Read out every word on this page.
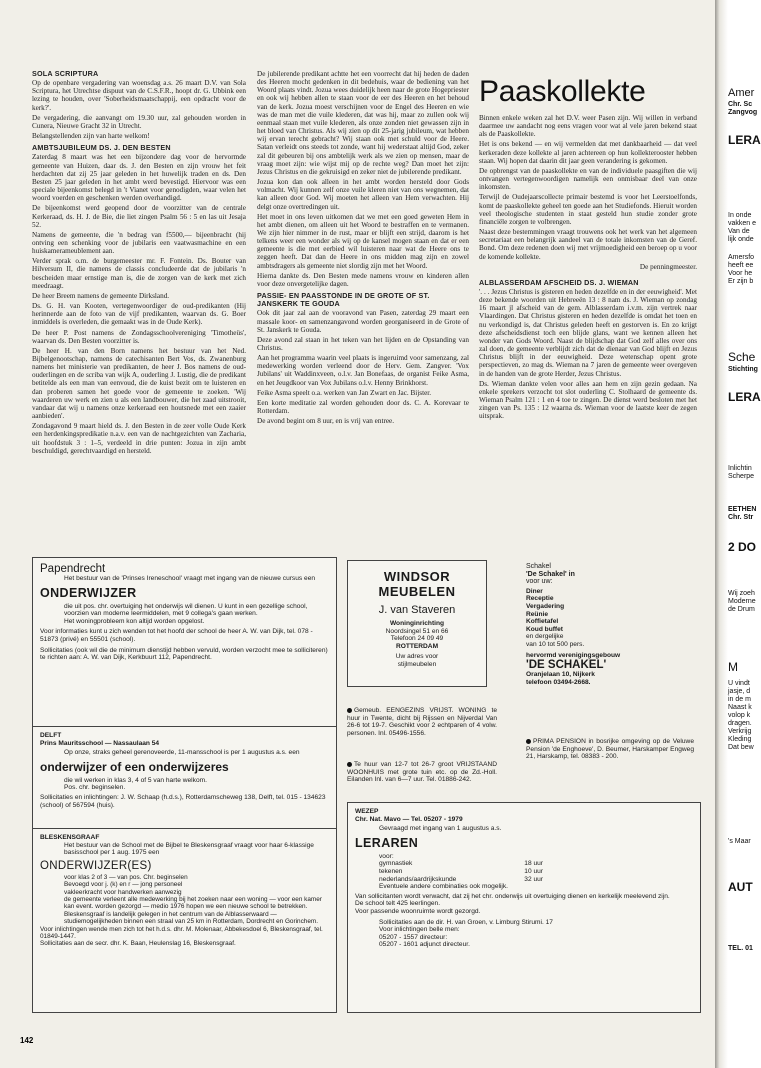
SOLA SCRIPTURA

Op de openbare vergadering van woensdag a.s. 26 maart D.V. van Sola Scriptura, het Utrechtse dispuut van de C.S.F.R., hoopt dr. G. Ubbink een lezing te houden, over 'Soberheidsmaatschappij, een opdracht voor de kerk?'.

De vergadering, die aanvangt om 19.30 uur, zal gehouden worden in Cunera, Nieuwe Gracht 32 in Utrecht.

Belangstellenden zijn van harte welkom!

AMBTSJUBILEUM DS. J. DEN BESTEN

Zaterdag 8 maart was het een bijzondere dag voor de hervormde gemeente van Huizen, daar ds. J. den Besten en zijn vrouw het feit herdachten dat zij 25 jaar geleden in het huwelijk traden en ds. Den Besten 25 jaar geleden in het ambt werd bevestigd. Hiervoor was een speciale bijeenkomst belegd in 't Vianet voor genodigden, waar velen het woord voerden en geschenken werden overhandigd.

De bijeenkomst werd geopend door de voorzitter van de centrale Kerkeraad, ds. H. J. de Bie, die liet zingen Psalm 56 : 5 en las uit Jesaja 52.

Namens de gemeente, die 'n bedrag van f5500,— bijeenbracht (hij ontving een schenking voor de jubilaris een vaatwasmachine en een huiskamerameublement aan.

Verder sprak o.m. de burgemeester mr. F. Fontein. Ds. Bouter van Hilversum II, die namens de classis concludeerde dat de jubilaris 'n bescheiden maar ernstige man is, die de zorgen van de kerk met zich meedraagt.

De heer Breem namens de gemeente Dirksland.

Ds. G. H. van Kooten, vertegenwoordiger de oud-predikanten (Hij herinnerde aan de foto van de vijf predikanten, waarvan ds. G. Boer inmiddels is overleden, die gemaakt was in de Oude Kerk).

De heer P. Post namens de Zondagsschoolvereniging 'Timotheüs', waarvan ds. Den Besten voorzitter is.

De heer H. van den Born namens het bestuur van het Ned. Bijbelgenootschap, namens de catechisanten Bert Vos, ds. Zwanenburg namens het ministerie van predikanten, de heer J. Bos namens de oud-ouderlingen en de scriba van wijk A, ouderling J. Lustig, die de predikant betitelde als een man van eenvoud, die de kuist bezit om te luisteren en dan proberen samen het goede voor de gemeente te zoeken. 'Wij waarderen uw werk en zien u als een landbouwer, die het zaad uitstrooit, vandaar dat wij u namens onze kerkeraad een houtsnede met een zaaier aanbieden'.

Zondagavond 9 maart hield ds. J. den Besten in de zeer volle Oude Kerk een herdenkingspredikatie n.a.v. een van de nachtgezichten van Zacharia, uit hoofdstuk 3 : 1–5, verdeeld in drie punten: Jozua in zijn ambt beschuldigd, gerechtvaardigd en hersteld.

De jubilerende predikant achtte het een voorrecht dat hij heden de daden des Heeren mocht gedenken in dit bedehuis, waar de bediening van het Woord plaats vindt. Jozua wees duidelijk heen naar de grote Hogepriester en ook wij hebben allen te staan voor de eer des Heeren en het behoud van de kerk. Jozua moest verschijnen voor de Engel des Heeren en wie was de man met die vuile klederen, dat was hij, maar zo zullen ook wij eenmaal staan met vuile klederen, als onze zonden niet gewassen zijn in het bloed van Christus. Als wij zien op dit 25-jarig jubileum, wat hebben wij ervan terecht gebracht? Wij staan ook met schuld voor de Heere. Satan verleidt ons steeds tot zonde, want hij wederstaat altijd God, zeker zal dit gebeuren bij ons ambtelijk werk als we zien op mensen, maar de vraag moet zijn: wie wijst mij op de rechte weg? Dan moet het zijn: Jezus Christus en die gekruisigd en zeker niet de jubilerende predikant.

Jozua kon dan ook alleen in het ambt worden hersteld door Gods volmacht. Wij kunnen zelf onze vuile kleren niet van ons wegnemen, dat kan alleen door God. Wij moeten het alleen van Hem verwachten. Hij delgt onze overtredingen uit.

Het moet in ons leven uitkomen dat we met een goed geweten Hem in het ambt dienen, om alleen uit het Woord te bestraffen en te vermanen. We zijn hier nimmer in de rust, maar er blijft een strijd, daarom is het telkens weer een wonder als wij op de kansel mogen staan en dat er een gemeente is die met eerbied wil luisteren naar wat de Heere ons te zeggen heeft. Dat dan de Heere in ons midden mag zijn en zowel ambtsdragers als gemeente niet slordig zijn met het Woord.

Hierna dankte ds. Den Besten mede namens vrouw en kinderen allen voor deze onvergetelijke dagen.

PASSIE- EN PAASSTONDE IN DE GROTE OF ST. JANSKERK TE GOUDA

Ook dit jaar zal aan de vooravond van Pasen, zaterdag 29 maart een massale koor- en samenzangavond worden georganiseerd in de Grote of St. Janskerk te Gouda.

Deze avond zal staan in het teken van het lijden en de Opstanding van Christus.

Aan het programma waarin veel plaats is ingeruimd voor samenzang, zal medewerking worden verleend door de Herv. Gem. Zangver. 'Vox Jubilans' uit Waddinxveen, o.l.v. Jan Bonefaas, de organist Feike Asma, en het Jeugdkoor van Vox Jubilans o.l.v. Henny Brinkhorst.

Feike Asma speelt o.a. werken van Jan Zwart en Jac. Bijster.

Een korte meditatie zal worden gehouden door ds. C. A. Korevaar te Rotterdam.

De avond begint om 8 uur, en is vrij van entree.

Paaskollekte

Binnen enkele weken zal het D.V. weer Pasen zijn. Wij willen in verband daarmee uw aandacht nog eens vragen voor wat al vele jaren bekend staat als de Paaskollekte.

Het is ons bekend — en wij vermelden dat met dankbaarheid — dat veel kerkeraden deze kollekte al jaren achtereen op hun kollekterooster hebben staan. Wij hopen dat daarin dit jaar geen verandering is gekomen.

De opbrengst van de paaskollekte en van de individuele paasgiften die wij ontvangen vertegenwoordigen namelijk een onmisbaar deel van onze inkomsten.

Terwijl de Oudejaarscollecte primair bestemd is voor het Leerstoelfonds, komt de paaskollekte geheel ten goede aan het Studiefonds. Hieruit worden veel theologische studenten in staat gesteld hun studie zonder grote financiële zorgen te volbrengen.

Naast deze bestemmingen vraagt trouwens ook het werk van het algemeen secretariaat een belangrijk aandeel van de totale inkomsten van de Geref. Bond. Om deze redenen doen wij met vrijmoedigheid een beroep op u voor de komende kollekte.

De penningmeester.
ALBLASSERDAM AFSCHEID DS. J. WIEMAN

'. . . Jezus Christus is gisteren en heden dezelfde en in der eeuwigheid'. Met deze bekende woorden uit Hebreeën 13 : 8 nam ds. J. Wieman op zondag 16 maart jl afscheid van de gem. Alblasserdam i.v.m. zijn vertrek naar Vlaardingen. Dat Christus gisteren en heden dezelfde is omdat het toen en nu verkondigd is, dat Christus geleden heeft en gestorven is. En zo krijgt deze afscheidsdienst toch een blijde glans, want we kennen alleen het wonder van Gods Woord. Naast de blijdschap dat God zelf alles over ons zal doen, de gemeente verblijdt zich dat de dienaar van God blijft en Jezus Christus blijft in der eeuwigheid. Deze wetenschap opent grote perspectieven, zo mag ds. Wieman na 7 jaren de gemeente weer overgeven in de handen van de grote Herder, Jezus Christus.

Ds. Wieman dankte velen voor alles aan hem en zijn gezin gedaan. Na enkele sprekers verzocht tot slot ouderling C. Stolhaard de gemeente ds. Wieman Psalm 121 : 1 en 4 toe te zingen. De dienst werd besloten met het zingen van Ps. 135 : 12 waarna ds. Wieman voor de laatste keer de zegen uitsprak.

Papendrecht
Het bestuur van de 'Prinses Ireneschool' vraagt met ingang van de nieuwe cursus een
ONDERWIJZER
die uit pos. chr. overtuiging het onderwijs wil dienen. U kunt in een gezellige school, voorzien van moderne leermiddelen, met 9 collega's gaan werken.
Het woningprobleem kon altijd worden opgelost.
Voor informaties kunt u zich wenden tot het hoofd der school de heer A. W. van Dijk, tel. 078 - 51873 (privé) en 55501 (school).
Sollicitaties (ook wil die de minimum dienstijd hebben vervuld, worden verzocht mee te solliciteren) te richten aan: A. W. van Dijk, Kerkbuurt 112, Papendrecht.
DELFT
Prins Mauritsschool — Nassaulaan 54
Op onze, straks geheel gerenoveerde, 11-mansschool is per 1 augustus a.s. een
onderwijzer of een onderwijzeres
die wil werken in klas 3, 4 of 5 van harte welkom.
Pos. chr. beginselen.
Sollicitaties en inlichtingen: J. W. Schaap (h.d.s.), Rotterdamscheweg 138, Delft, tel. 015 - 134623 (school) of 567594 (huis).
BLESKENSGRAAF
Het bestuur van de School met de Bijbel te Bleskensgraaf vraagt voor haar 6-klassige basisschool per 1 aug. 1975 een
ONDERWIJZER(ES)
voor klas 2 of 3 — van pos. Chr. beginselen
Bevoegd voor j. (k) en r — jong personeel
vakleerkracht voor handwerken aanwezig
de gemeente verleent alle medewerking bij het zoeken naar een woning — voor een kamer kan event. worden gezorgd — medio 1976 hopen we een nieuwe school te betrekken.
Bleskensgraaf is landelijk gelegen in het centrum van de Alblasserwaard — studiemogelijkheden binnen een straal van 25 km in Rotterdam, Dordrecht en Gorinchem.
Voor inlichtingen wende men zich tot het h.d.s. dhr. M. Molenaar, Abbekesdoel 6, Bleskensgraaf, tel. 01849-1447.
Sollicitaties aan de secr. dhr. K. Baan, Heulenslag 16, Bleskensgraaf.
WINDSOR
MEUBELEN
J. van Staveren
Woninginrichting
Noordsingel 51 en 66
Telefoon 24 09 49
ROTTERDAM
Uw adres voor
stijlmeubelen
Schakel
'De Schakel' in
voor uw:
Diner
Receptie
Vergadering
Reünie
Koffietafel
Koud buffet
en dergelijke
van 10 tot 500 pers.
hervormd verenigingsgebouw
'DE SCHAKEL'
Oranjelaan 10, Nijkerk
telefoon 03494-2668.
Gemeub. EENGEZINS VRIJST. WONING te huur in Twente, dicht bij Rijssen en Nijverdal Van 26-6 tot 19-7. Geschikt voor 2 echtparen of 4 volw. personen. Inl. 05496-1556.
Te huur van 12-7 tot 26-7 groot VRIJSTAAND WOONHUIS met grote tuin etc. op de Zd.-Holl. Eilanden Inl. van 6—7 uur. Tel. 01886-242.
PRIMA PENSION in bosrijke omgeving op de Veluwe Pension 'de Enghoeve', D. Beumer, Harskamper Engweg 21, Harskamp, tel. 08383 - 200.
WEZEP
Chr. Nat. Mavo — Tel. 05207 - 1979
Gevraagd met ingang van 1 augustus a.s.
LERAREN
voor:
gymnastiek	18 uur
tekenen	10 uur
nederlands/aardrijkskunde	32 uur
Eventuele andere combinaties ook mogelijk.
Van sollicitanten wordt verwacht, dat zij het chr. onderwijs uit overtuiging dienen en kerkelijk meelevend zijn.
De school telt 425 leerlingen.
Voor passende woonruimte wordt gezorgd.
Sollicitaties aan de dir. H. van Groen, v. Limburg Stirumi. 17
Voor inlichtingen belle men:
05207 - 1557 directeur:
05207 - 1601 adjunct directeur.
142
Amer
Chr. Sc
Zangvog
LERA
In onde
vakken e
Van de
lijk onde
Amersfo
heeft ee
Voor he
Er zijn b
Sche
Stichting
LERA
Inlichtin
Scherpe
EETHEN
Chr. Str
2 DO
Wij zoeh
Moderne
de Drum
M
U vindt
jasje, d
in de m
Naast k
volop k
dragen.
Verkrijg
Kleding
Dat bew
's Maar
AUT
TEL. 01
